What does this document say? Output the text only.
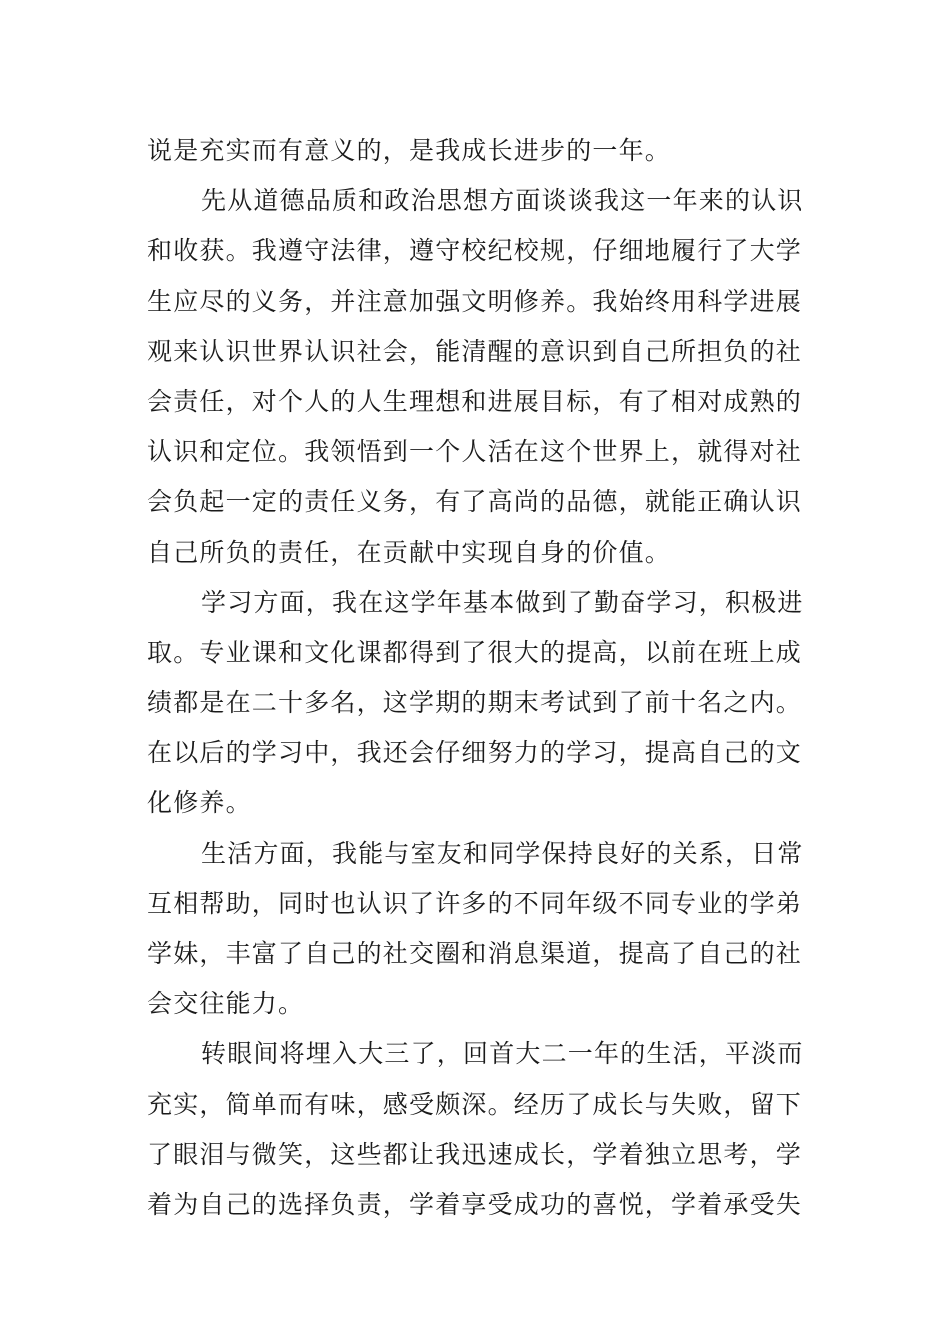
说是充实而有意义的，是我成长进步的一年。
先从道德品质和政治思想方面谈谈我这一年来的认识
和收获。我遵守法律，遵守校纪校规，仔细地履行了大学
生应尽的义务，并注意加强文明修养。我始终用科学进展
观来认识世界认识社会，能清醒的意识到自己所担负的社
会责任，对个人的人生理想和进展目标，有了相对成熟的
认识和定位。我领悟到一个人活在这个世界上，就得对社
会负起一定的责任义务，有了高尚的品德，就能正确认识
自己所负的责任，在贡献中实现自身的价值。
学习方面，我在这学年基本做到了勤奋学习，积极进
取。专业课和文化课都得到了很大的提高，以前在班上成
绩都是在二十多名，这学期的期末考试到了前十名之内。
在以后的学习中，我还会仔细努力的学习，提高自己的文
化修养。
生活方面，我能与室友和同学保持良好的关系，日常
互相帮助，同时也认识了许多的不同年级不同专业的学弟
学妹，丰富了自己的社交圈和消息渠道，提高了自己的社
会交往能力。
转眼间将埋入大三了，回首大二一年的生活，平淡而
充实，简单而有味，感受颇深。经历了成长与失败，留下
了眼泪与微笑，这些都让我迅速成长，学着独立思考，学
着为自己的选择负责，学着享受成功的喜悦，学着承受失
